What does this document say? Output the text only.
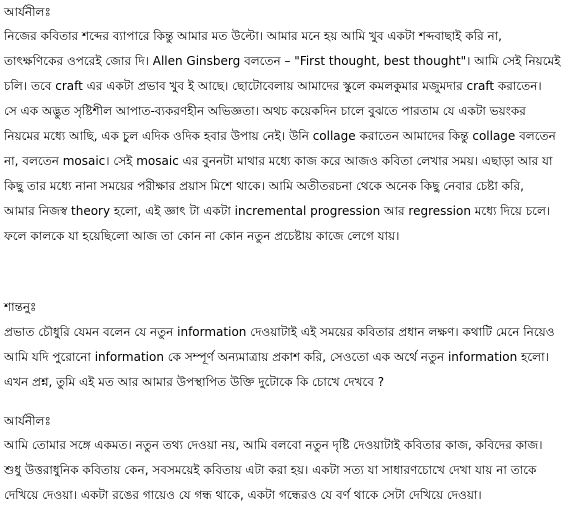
আর্যনীলঃ
নিজের কবিতার শব্দের ব্যাপারে কিন্তু আমার মত উল্টো। আমার মনে হয় আমি খুব একটা শব্দবাছাই করি না,
তাৎক্ষণিকের ওপরেই জোর দি। Allen Ginsberg বলতেন – "First thought, best thought"। আমি সেই নিয়মেই
চলি। তবে craft এর একটা প্রভাব খুব ই আছে। ছোটোবেলায় আমাদের স্কুলে কমলকুমার মজুমদার craft করাতেন।
সে এক অদ্ভুত সৃষ্টিশীল আপাত-ব্যকরণহীন অভিজ্ঞতা। অথচ কয়েকদিন চালে বুঝতে পারতাম যে একটা ভয়ংকর
নিয়মের মধ্যে আছি, এক চুল এদিক ওদিক হবার উপায় নেই। উনি collage করাতেন আমাদের কিন্তু collage বলতেন
না, বলতেন mosaic। সেই mosaic এর বুননটা মাথার মধ্যে কাজ করে আজও কবিতা লেখার সময়। এছাড়া আর যা
কিছু তার মধ্যে নানা সময়ের পরীক্ষার প্রয়াস মিশে থাকে। আমি অতীতরচনা থেকে অনেক কিছু নেবার চেষ্টা করি,
আমার নিজস্ব theory হলো, এই জ্ঞাৎ টা একটা incremental progression আর regression মধ্যে দিয়ে চলে।
ফলে কালকে যা হয়েছিলো আজ তা কোন না কোন নতুন প্রচেষ্টায় কাজে লেগে যায়।
শান্তনুঃ
প্রভাত চৌধুরি যেমন বলেন যে নতুন information দেওয়াটাই এই সময়ের কবিতার প্রধান লক্ষণ। কথাটি মেনে নিয়েও
আমি যদি পুরোনো information কে সম্পূর্ণ অন্যমাত্রায় প্রকাশ করি, সেওতো এক অর্থে নতুন information হলো।
এখন প্রশ্ন, তুমি এই মত আর আমার উপস্থাপিত উক্তি দুটোকে কি চোখে দেখবে ?
আর্যনীলঃ
আমি তোমার সঙ্গে একমত। নতুন তথ্য দেওয়া নয়, আমি বলবো নতুন দৃষ্টি দেওয়াটাই কবিতার কাজ, কবিদের কাজ।
শুধু উত্তরাধুনিক কবিতায় কেন, সবসময়েই কবিতায় এটা করা হয়। একটা সত্য যা সাধারণচোখে দেখা যায় না তাকে
দেখিয়ে দেওয়া। একটা রঙের গায়েও যে গন্ধ থাকে, একটা গন্ধেরও যে বর্ণ থাকে সেটা দেখিয়ে দেওয়া।
